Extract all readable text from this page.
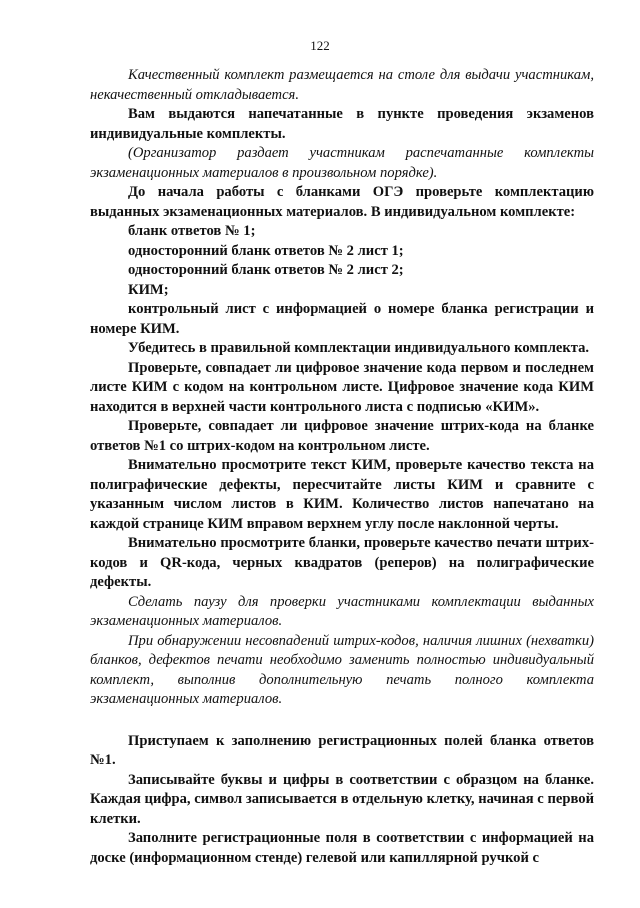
122

Качественный комплект размещается на столе для выдачи участникам, некачественный откладывается.

Вам выдаются напечатанные в пункте проведения экзаменов индивидуальные комплекты.

(Организатор раздает участникам распечатанные комплекты экзаменационных материалов в произвольном порядке).

До начала работы с бланками ОГЭ проверьте комплектацию выданных экзаменационных материалов. В индивидуальном комплекте:

бланк ответов № 1;

односторонний бланк ответов № 2 лист 1;

односторонний бланк ответов № 2 лист 2;

КИМ;

контрольный лист с информацией о номере бланка регистрации и номере КИМ.

Убедитесь в правильной комплектации индивидуального комплекта.

Проверьте, совпадает ли цифровое значение кода первом и последнем листе КИМ с кодом на контрольном листе. Цифровое значение кода КИМ находится в верхней части контрольного листа с подписью «КИМ».

Проверьте, совпадает ли цифровое значение штрих-кода на бланке ответов №1 со штрих-кодом на контрольном листе.

Внимательно просмотрите текст КИМ, проверьте качество текста на полиграфические дефекты, пересчитайте листы КИМ и сравните с указанным числом листов в КИМ. Количество листов напечатано на каждой странице КИМ вправом верхнем углу после наклонной черты.

Внимательно просмотрите бланки, проверьте качество печати штрих-кодов и QR-кода, черных квадратов (реперов) на полиграфические дефекты.

Сделать паузу для проверки участниками комплектации выданных экзаменационных материалов.

При обнаружении несовпадений штрих-кодов, наличия лишних (нехватки) бланков, дефектов печати необходимо заменить полностью индивидуальный комплект, выполнив дополнительную печать полного комплекта экзаменационных материалов.

Приступаем к заполнению регистрационных полей бланка ответов №1.

Записывайте буквы и цифры в соответствии с образцом на бланке. Каждая цифра, символ записывается в отдельную клетку, начиная с первой клетки.

Заполните регистрационные поля в соответствии с информацией на доске (информационном стенде) гелевой или капиллярной ручкой с
